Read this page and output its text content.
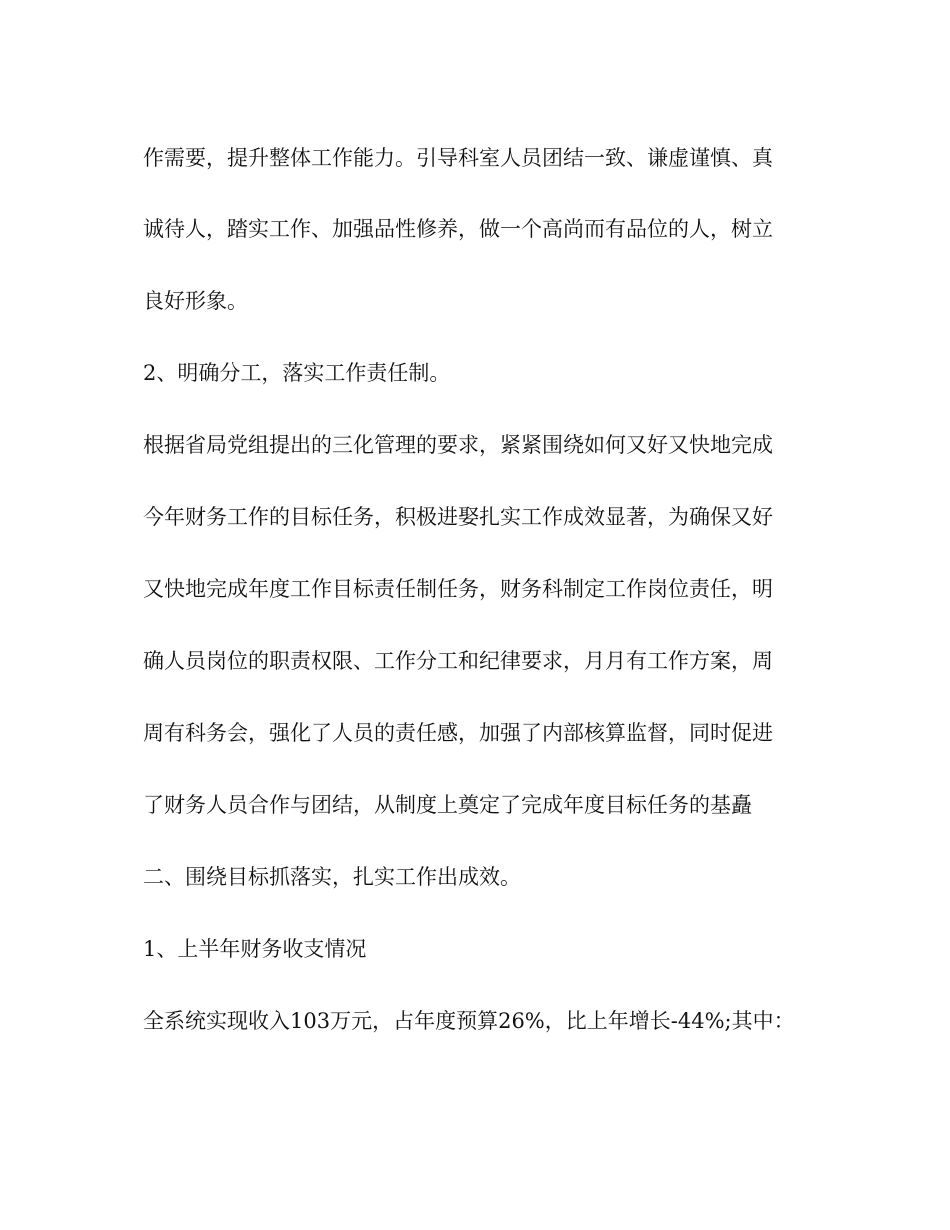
作需要，提升整体工作能力。引导科室人员团结一致、谦虚谨慎、真

诚待人，踏实工作、加强品性修养，做一个高尚而有品位的人，树立

良好形象。

2、明确分工，落实工作责任制。

根据省局党组提出的三化管理的要求，紧紧围绕如何又好又快地完成

今年财务工作的目标任务，积极进娶扎实工作成效显著，为确保又好

又快地完成年度工作目标责任制任务，财务科制定工作岗位责任，明

确人员岗位的职责权限、工作分工和纪律要求，月月有工作方案，周

周有科务会，强化了人员的责任感，加强了内部核算监督，同时促进

了财务人员合作与团结，从制度上奠定了完成年度目标任务的基矗

二、围绕目标抓落实，扎实工作出成效。

1、上半年财务收支情况

全系统实现收入103万元，占年度预算26%，比上年增长-44%;其中：
